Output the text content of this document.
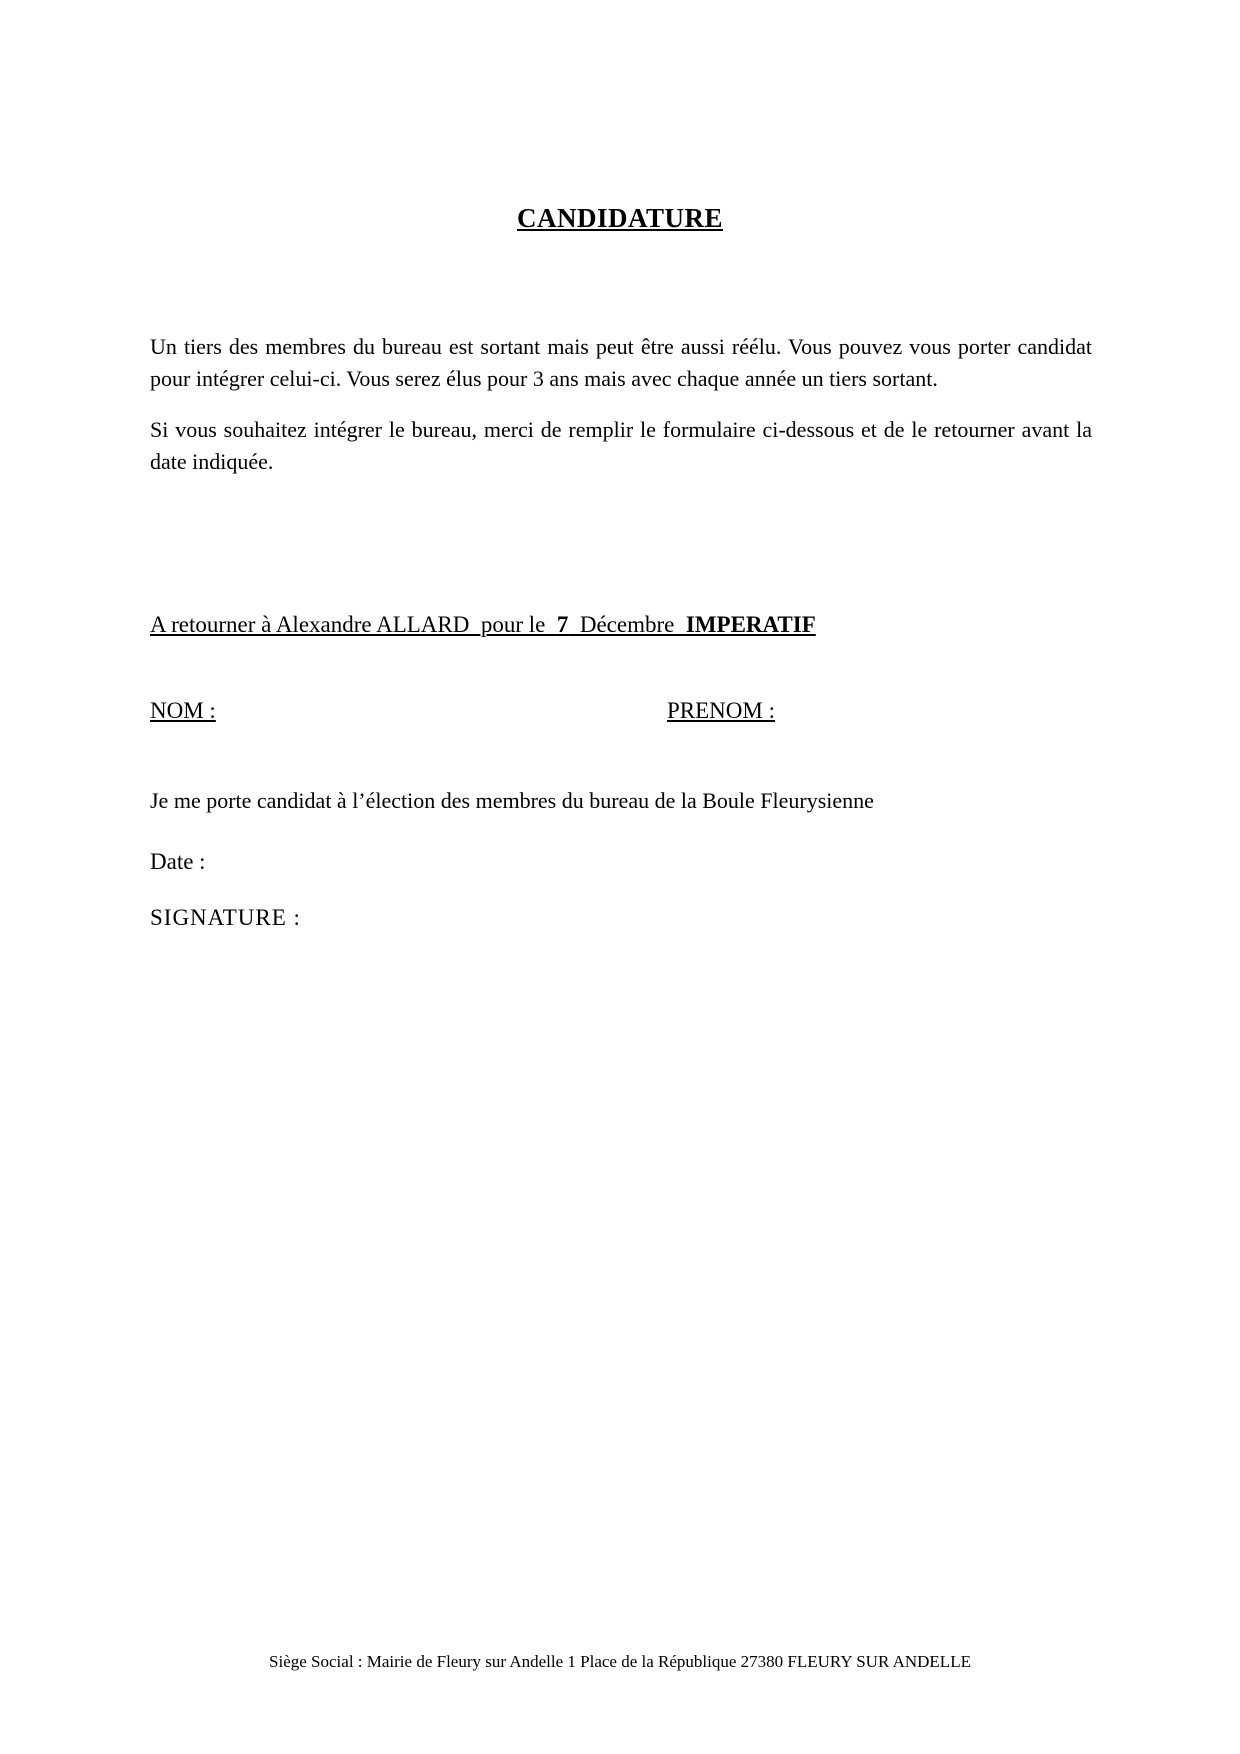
CANDIDATURE
Un tiers des membres du bureau est sortant mais peut être aussi réélu. Vous pouvez vous porter candidat pour intégrer celui-ci. Vous serez élus pour 3 ans mais avec chaque année un tiers sortant.
Si vous souhaitez intégrer le bureau, merci de remplir le formulaire ci-dessous et de le retourner avant la date indiquée.
A retourner à Alexandre ALLARD  pour le  7  Décembre  IMPERATIF
NOM :	PRENOM :
Je me porte candidat à l’élection des membres du bureau de la Boule Fleurysienne
Date :
SIGNATURE :
Siège Social : Mairie de Fleury sur Andelle 1 Place de la République 27380 FLEURY SUR ANDELLE
